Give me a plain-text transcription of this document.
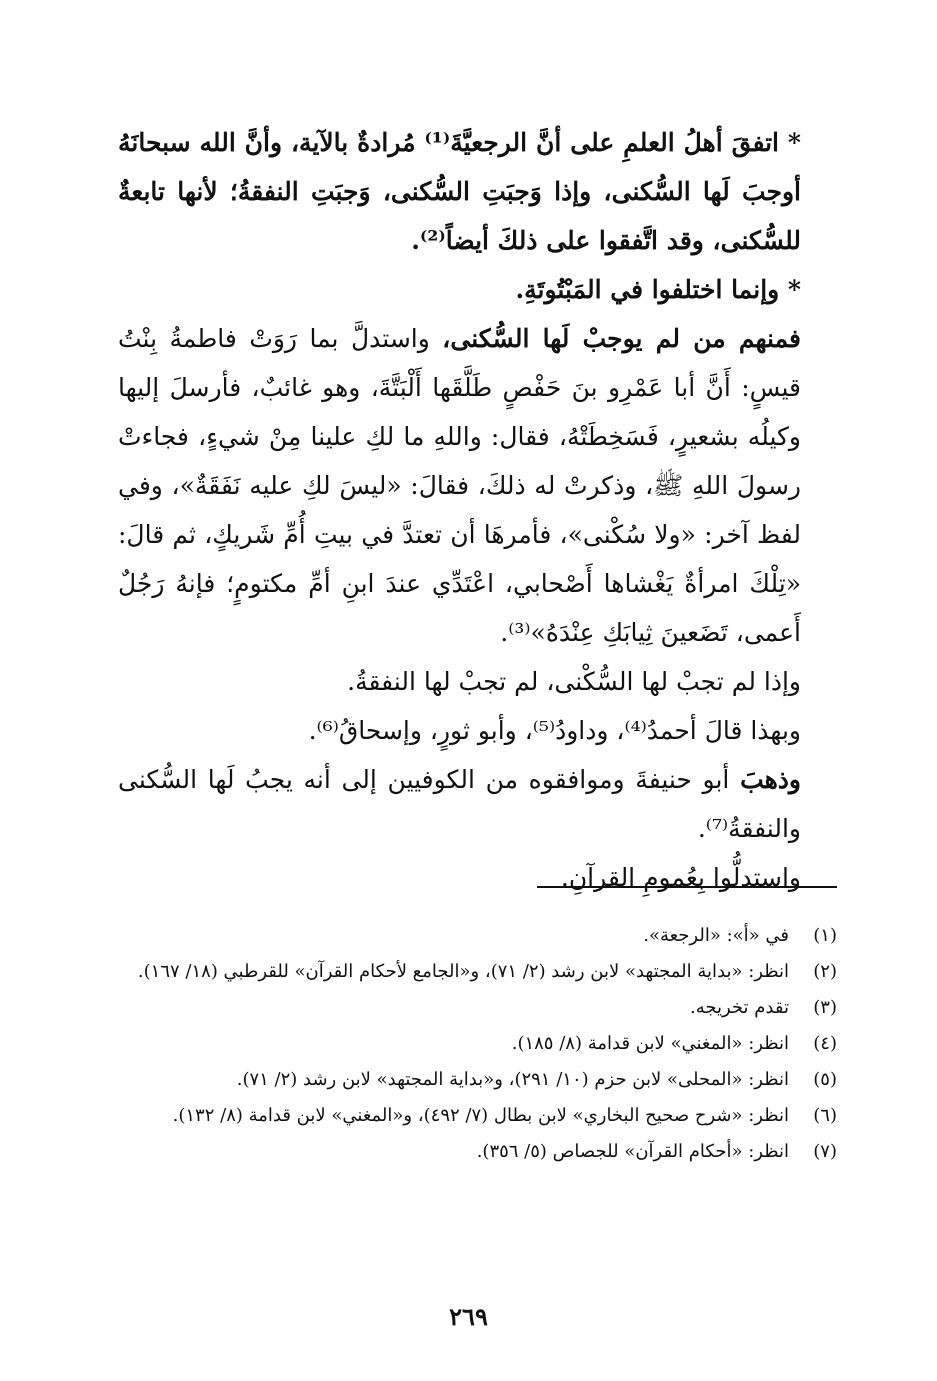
* اتفقَ أهلُ العلمِ على أنَّ الرجعيَّةَ⁽¹⁾ مُرادةٌ بالآية، وأنَّ الله سبحانَهُ أوجبَ لَها السُّكنى، وإذا وَجبَتِ السُّكنى، وَجبَتِ النفقةُ؛ لأنها تابعةٌ للسُّكنى، وقد اتَّفقوا على ذلكَ أيضاً⁽²⁾.

* وإنما اختلفوا في المَبْتُوتَةِ.

فمنهم من لم يوجبْ لَها السُّكنى، واستدلَّ بما رَوَتْ فاطمةُ بِنْتُ قيسٍ: أَنَّ أبا عَمْرِو بنَ حَفْصٍ طَلَّقَها أَلْبَتَّةَ، وهو غائبٌ، فأرسلَ إليها وكيلُه بشعيرٍ، فَسَخِطَتْهُ، فقال: واللهِ ما لكِ علينا مِنْ شيءٍ، فجاءتْ رسولَ اللهِ ﷺ، وذكرتْ له ذلكَ، فقالَ: «ليسَ لكِ عليه نَفَقَةٌ»، وفي لفظ آخر: «ولا سُكْنى»، فأمرهَا أن تعتدَّ في بيتِ أُمِّ شَريكٍ، ثم قالَ: «تِلْكَ امرأةٌ يَغْشاها أَصْحابي، اعْتَدِّي عندَ ابنِ أمِّ مكتومٍ؛ فإنهُ رَجُلٌ أَعمى، تَضَعينَ ثِيابَكِ عِنْدَهُ»⁽³⁾.

وإذا لم تجبْ لها السُّكْنى، لم تجبْ لها النفقةُ.

وبهذا قالَ أحمدُ⁽⁴⁾، وداودُ⁽⁵⁾، وأبو ثورٍ، وإسحاقُ⁽⁶⁾.

وذهبَ أبو حنيفةَ وموافقوه من الكوفيين إلى أنه يجبُ لَها السُّكنى والنفقةُ⁽⁷⁾.

واستدلُّوا بِعُمومِ القرآنِ.

(١)
في «أ»: «الرجعة».
(٢)
انظر: «بداية المجتهد» لابن رشد (٢/ ٧١)، و«الجامع لأحكام القرآن» للقرطبي (١٨/ ١٦٧).
(٣)
تقدم تخريجه.
(٤)
انظر: «المغني» لابن قدامة (٨/ ١٨٥).
(٥)
انظر: «المحلى» لابن حزم (١٠/ ٢٩١)، و«بداية المجتهد» لابن رشد (٢/ ٧١).
(٦)
انظر: «شرح صحيح البخاري» لابن بطال (٧/ ٤٩٢)، و«المغني» لابن قدامة (٨/ ١٣٢).
(٧)
انظر: «أحكام القرآن» للجصاص (٥/ ٣٥٦).
٢٦٩
